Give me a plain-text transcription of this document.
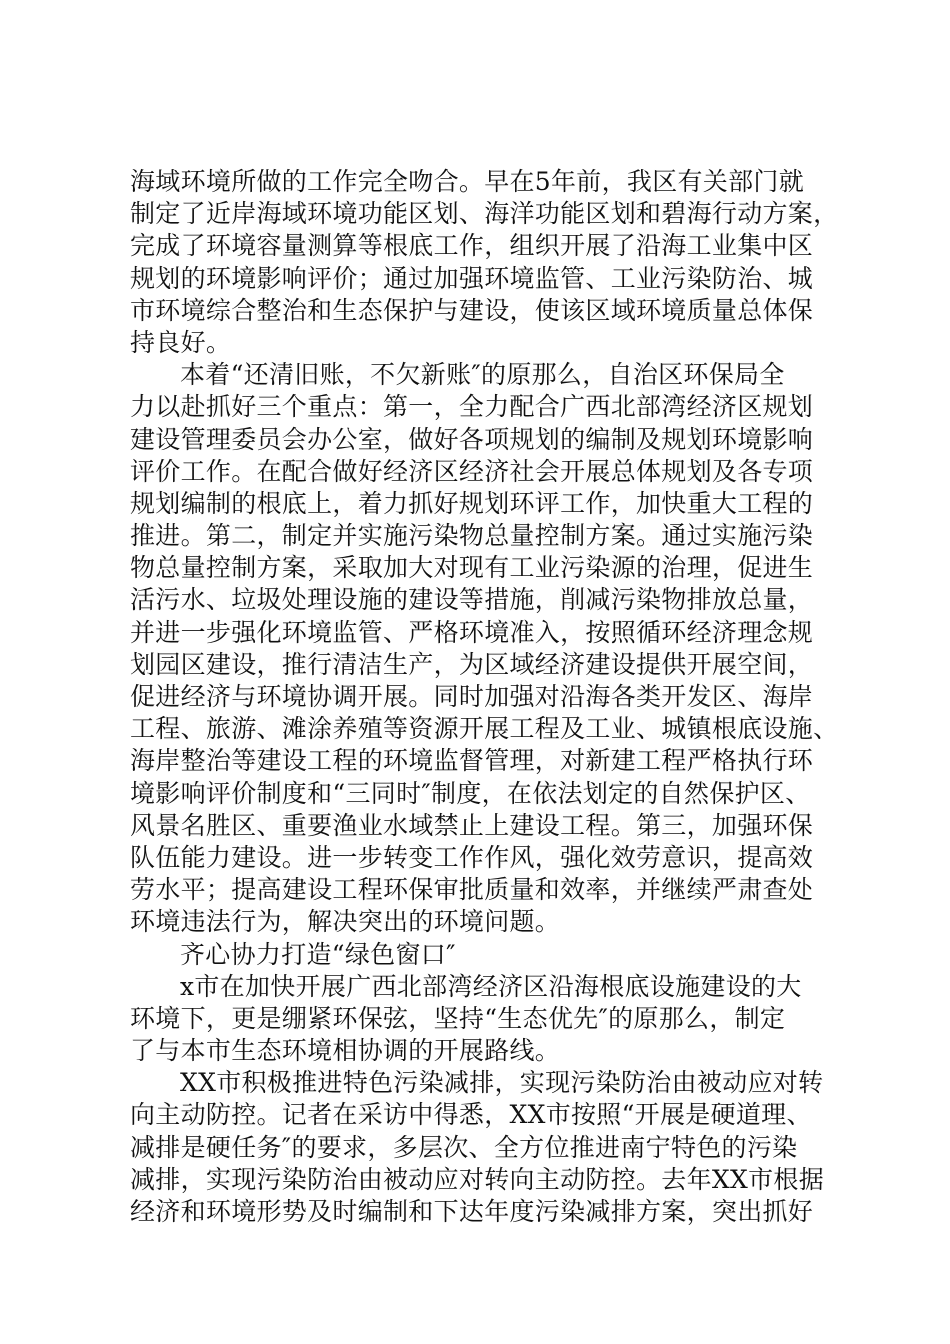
海域环境所做的工作完全吻合。早在5年前，我区有关部门就
制定了近岸海域环境功能区划、海洋功能区划和碧海行动方案，
完成了环境容量测算等根底工作，组织开展了沿海工业集中区
规划的环境影响评价；通过加强环境监管、工业污染防治、城
市环境综合整治和生态保护与建设，使该区域环境质量总体保
持良好。
本着“还清旧账，不欠新账″的原那么，自治区环保局全
力以赴抓好三个重点：第一，全力配合广西北部湾经济区规划
建设管理委员会办公室，做好各项规划的编制及规划环境影响
评价工作。在配合做好经济区经济社会开展总体规划及各专项
规划编制的根底上，着力抓好规划环评工作，加快重大工程的
推进。第二，制定并实施污染物总量控制方案。通过实施污染
物总量控制方案，采取加大对现有工业污染源的治理，促进生
活污水、垃圾处理设施的建设等措施，削减污染物排放总量，
并进一步强化环境监管、严格环境准入，按照循环经济理念规
划园区建设，推行清洁生产，为区域经济建设提供开展空间，
促进经济与环境协调开展。同时加强对沿海各类开发区、海岸
工程、旅游、滩涂养殖等资源开展工程及工业、城镇根底设施、
海岸整治等建设工程的环境监督管理，对新建工程严格执行环
境影响评价制度和“三同时″制度，在依法划定的自然保护区、
风景名胜区、重要渔业水域禁止上建设工程。第三，加强环保
队伍能力建设。进一步转变工作作风，强化效劳意识，提高效
劳水平；提高建设工程环保审批质量和效率，并继续严肃查处
环境违法行为，解决突出的环境问题。
齐心协力打造“绿色窗口″
x市在加快开展广西北部湾经济区沿海根底设施建设的大
环境下，更是绷紧环保弦，坚持“生态优先″的原那么，制定
了与本市生态环境相协调的开展路线。
XX市积极推进特色污染减排，实现污染防治由被动应对转
向主动防控。记者在采访中得悉，XX市按照“开展是硬道理、
减排是硬任务″的要求，多层次、全方位推进南宁特色的污染
减排，实现污染防治由被动应对转向主动防控。去年XX市根据
经济和环境形势及时编制和下达年度污染减排方案，突出抓好
